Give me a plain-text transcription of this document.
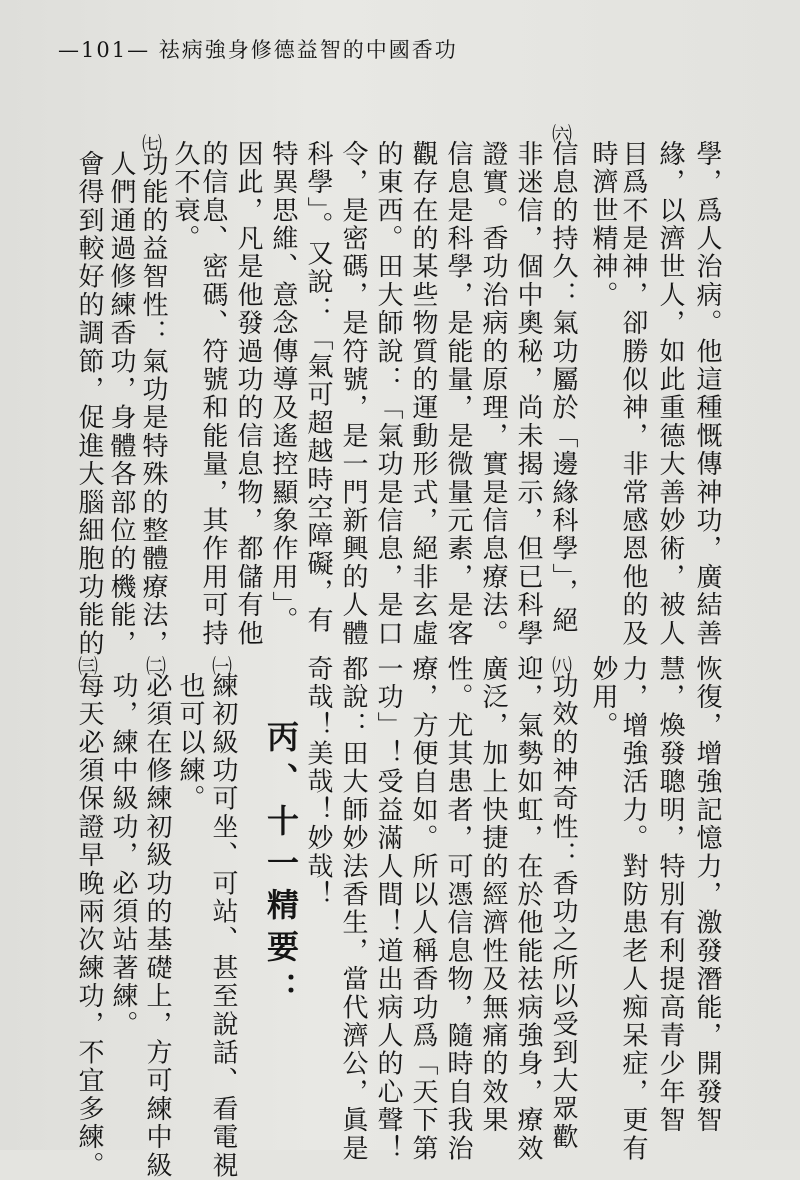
—101— 祛病強身修德益智的中國香功
學，爲人治病。他這種慨傳神功，廣結善
緣，以濟世人，如此重德大善妙術，被人
目爲不是神，卻勝似神，非常感恩他的及
時濟世精神。
㈥
信息的持久：氣功屬於「邊緣科學」，絕
非迷信，個中奧秘，尚未揭示，但已科學
證實。香功治病的原理，實是信息療法。
信息是科學，是能量，是微量元素，是客
觀存在的某些物質的運動形式，絕非玄虛
的東西。田大師說：「氣功是信息，是口
令，是密碼，是符號，是一門新興的人體
科學」。又說：「氣可超越時空障礙，有
特異思維、意念傳導及遙控顯象作用」。
因此，凡是他發過功的信息物，都儲有他
的信息、密碼、符號和能量，其作用可持
久不衰。
㈦
功能的益智性：氣功是特殊的整體療法，
人們通過修練香功，身體各部位的機能，
會得到較好的調節，促進大腦細胞功能的
恢復，增強記憶力，激發潛能，開發智
慧，煥發聰明，特別有利提高青少年智
力，增強活力。對防患老人痴呆症，更有
妙用。
㈧
功效的神奇性：香功之所以受到大眾歡
迎，氣勢如虹，在於他能祛病強身，療效
廣泛，加上快捷的經濟性及無痛的效果
性。尤其患者，可憑信息物，隨時自我治
療，方便自如。所以人稱香功爲「天下第
一功」！受益滿人間！道出病人的心聲！
都說：田大師妙法香生，當代濟公，眞是
奇哉！美哉！妙哉！
丙、十一精要：
㈠
練初級功可坐、可站、甚至說話、看電視
也可以練。
㈡
必須在修練初級功的基礎上，方可練中級
功，練中級功，必須站著練。
㈢
每天必須保證早晚兩次練功，不宜多練。
